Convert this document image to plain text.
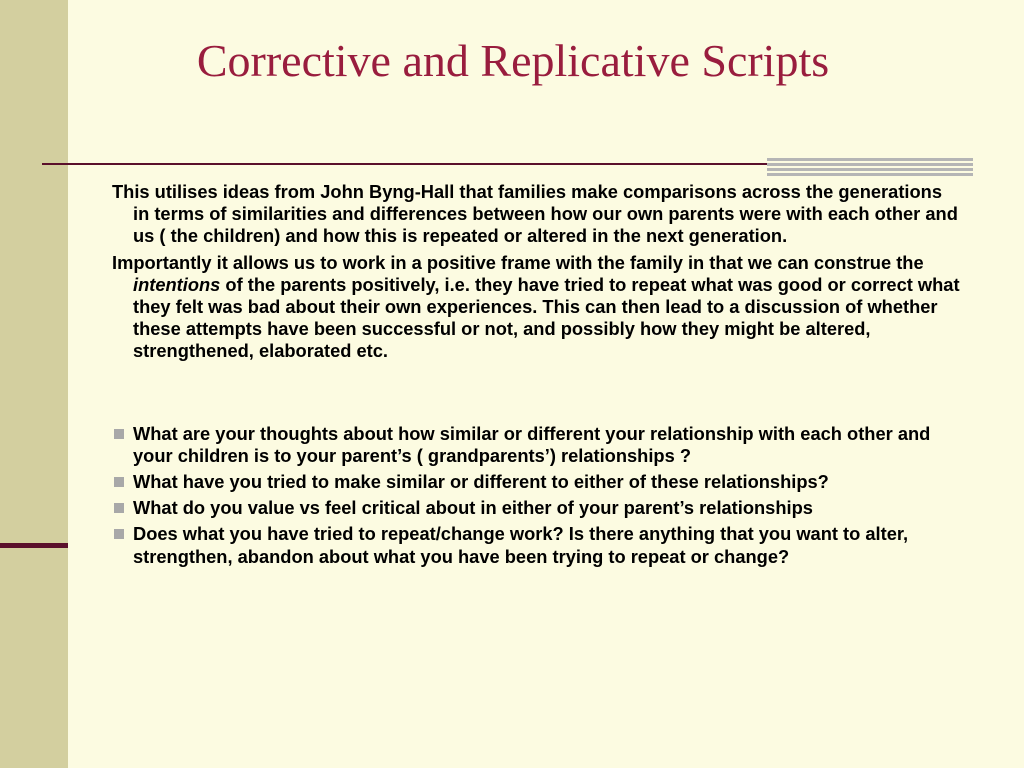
Corrective and Replicative Scripts

This utilises ideas from John Byng-Hall that families make comparisons across the generations in terms of similarities and differences between how our own parents were with each other and us ( the children) and how this is repeated or altered in the next generation.

Importantly it allows us to work in a positive frame with the family in that we can construe the intentions of the parents positively, i.e. they have tried to repeat what was good or correct what they felt was bad about their own experiences. This can then lead to a discussion of whether these attempts have been successful or not, and possibly how they might be altered, strengthened, elaborated etc.

What are your thoughts about how similar or different your relationship with each other and your children is to your parent’s ( grandparents’) relationships ?
What have you tried to make similar or different to either of these relationships?
What do you value vs feel critical about in either of your parent’s relationships
Does what you have tried to repeat/change work? Is there anything that you want to alter, strengthen, abandon about what you have been trying to repeat or change?
